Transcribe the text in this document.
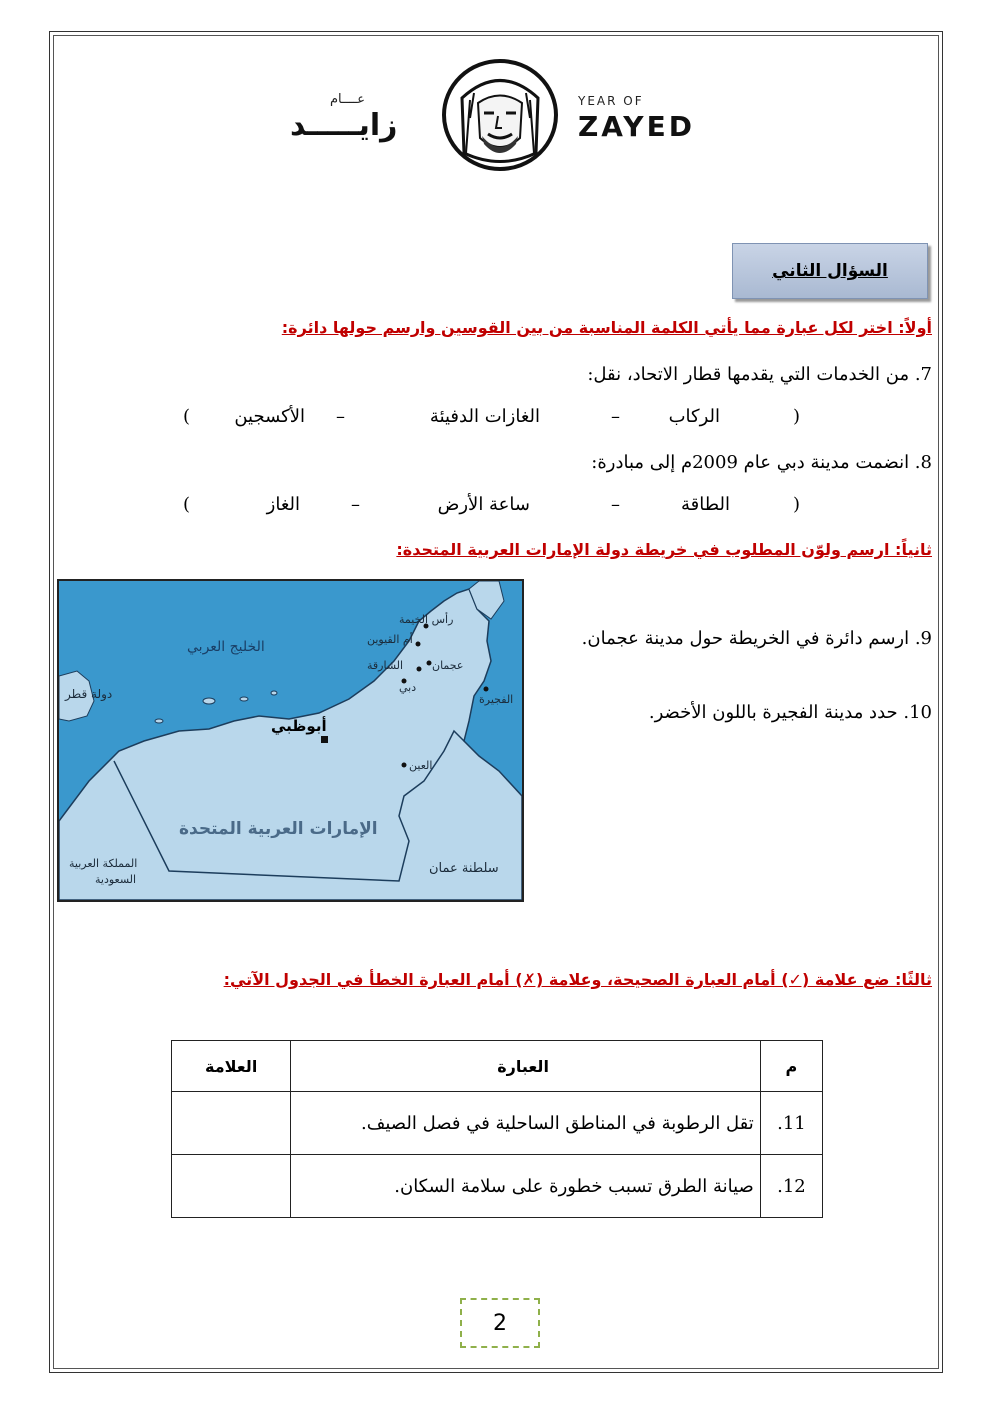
عــــام
زايـــــد
YEAR OF
ZAYED
السؤال الثاني
أولاً: اختر لكل عبارة مما يأتي الكلمة المناسبة من بين القوسين وارسم حولها دائرة:
7. من الخدمات التي يقدمها قطار الاتحاد، نقل:
(
الركاب
–
الغازات الدفيئة
–
الأكسجين
)
8. انضمت مدينة دبي عام 2009م إلى مبادرة:
(
الطاقة
–
ساعة الأرض
–
الغاز
)
ثانياً: ارسم ولوّن المطلوب في خريطة دولة الإمارات العربية المتحدة:
الخليج العربي
دولة قطر
الإمارات العربية المتحدة
المملكة العربية
السعودية
سلطنة عمان
رأس الخيمة
أم القيوين
عجمان
الشارقة
دبي
الفجيرة
أبوظبي
العين
9. ارسم دائرة في الخريطة حول مدينة عجمان.
10. حدد مدينة الفجيرة باللون الأخضر.
ثالثًا: ضع علامة (✓) أمام العبارة الصحيحة، وعلامة (✗) أمام العبارة الخطأ في الجدول الآتي:
م	العبارة	العلامة
11.	تقل الرطوبة في المناطق الساحلية في فصل الصيف.	
12.	صيانة الطرق تسبب خطورة على سلامة السكان.	
2
